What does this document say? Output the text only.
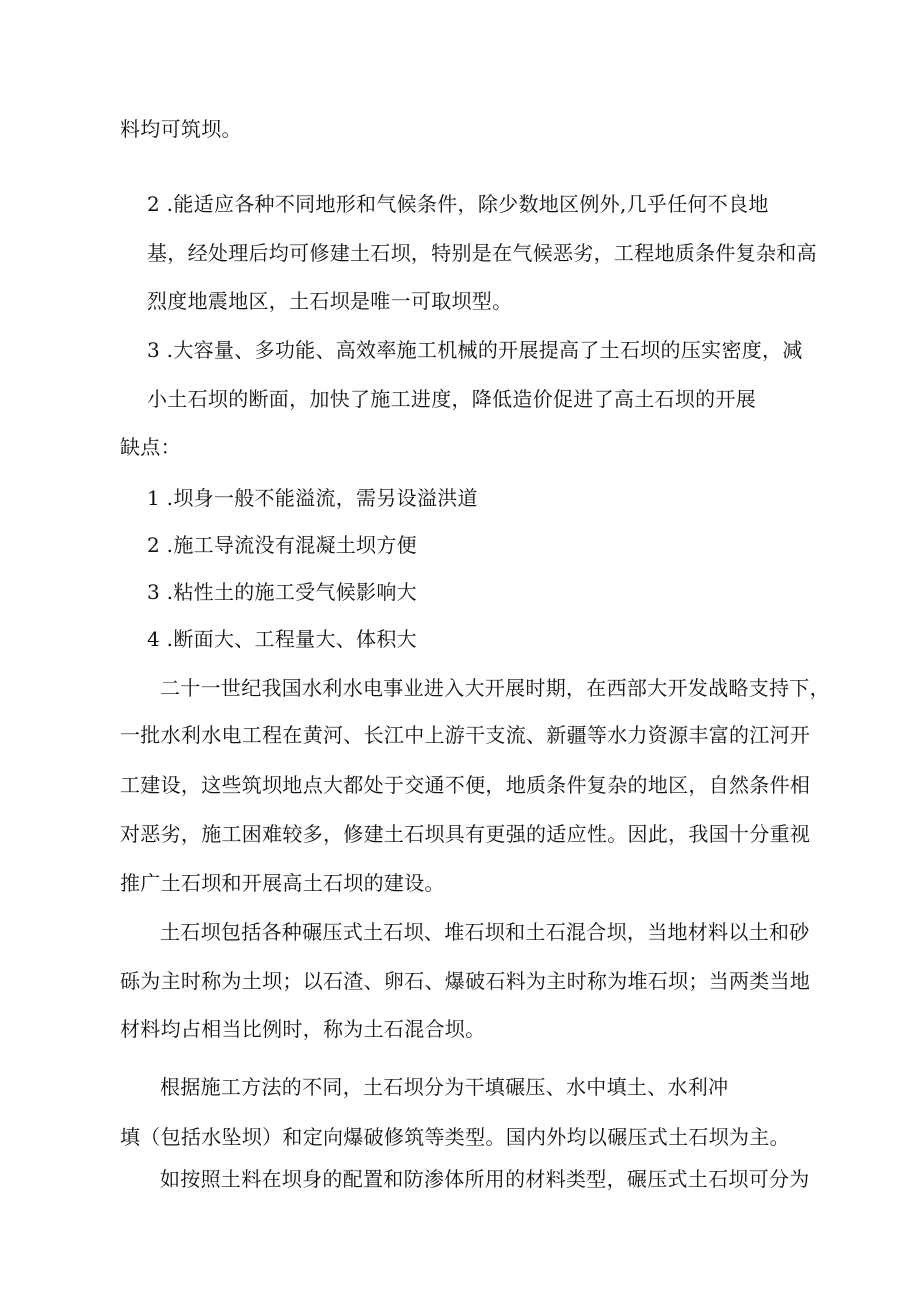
料均可筑坝。

2 .能适应各种不同地形和气候条件，除少数地区例外,几乎任何不良地

基，经处理后均可修建土石坝，特别是在气候恶劣，工程地质条件复杂和高

烈度地震地区，土石坝是唯一可取坝型。

3 .大容量、多功能、高效率施工机械的开展提高了土石坝的压实密度，减

小土石坝的断面，加快了施工进度，降低造价促进了高土石坝的开展

缺点：

1 .坝身一般不能溢流，需另设溢洪道

2 .施工导流没有混凝土坝方便

3 .粘性土的施工受气候影响大

4 .断面大、工程量大、体积大

二十一世纪我国水利水电事业进入大开展时期，在西部大开发战略支持下，

一批水利水电工程在黄河、长江中上游干支流、新疆等水力资源丰富的江河开

工建设，这些筑坝地点大都处于交通不便，地质条件复杂的地区，自然条件相

对恶劣，施工困难较多，修建土石坝具有更强的适应性。因此，我国十分重视

推广土石坝和开展高土石坝的建设。

土石坝包括各种碾压式土石坝、堆石坝和土石混合坝，当地材料以土和砂

砾为主时称为土坝；以石渣、卵石、爆破石料为主时称为堆石坝；当两类当地

材料均占相当比例时，称为土石混合坝。

根据施工方法的不同，土石坝分为干填碾压、水中填土、水利冲

填（包括水坠坝）和定向爆破修筑等类型。国内外均以碾压式土石坝为主。

如按照土料在坝身的配置和防渗体所用的材料类型，碾压式土石坝可分为
